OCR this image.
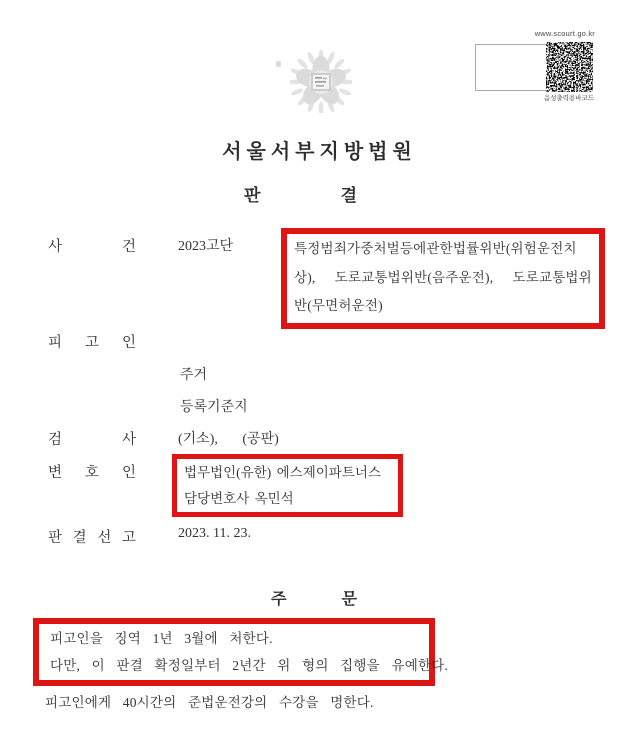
www.scourt.go.kr
음성출력용바코드
서울서부지방법원
판	결
사	건	2023고단	특정범죄가중처벌등에관한법률위반(위험운전치
상),  도로교통법위반(음주운전),  도로교통법위
반(무면허운전)
피 고 인
주거
등록기준지
검	사	(기소),       (공판)
변 호 인	법무법인(유한) 에스제이파트너스
담당변호사 옥민석
판 결 선 고	2023. 11. 23.
주	문
피고인을 징역 1년 3월에 처한다.
다만, 이 판결 확정일부터 2년간 위 형의 집행을 유예한다.
피고인에게 40시간의 준법운전강의 수강을 명한다.
